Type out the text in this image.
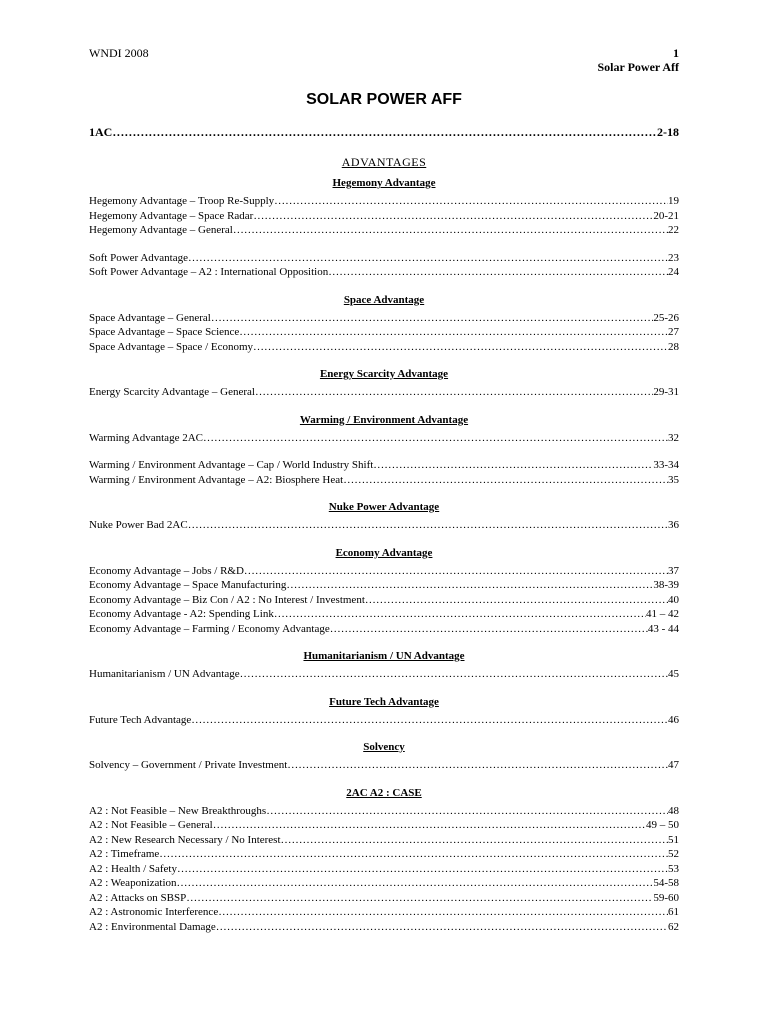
WNDI 2008	1
Solar Power Aff
SOLAR POWER AFF
1AC ………………………………………………………………………………………………………………………………………………………………………………………………………………………………	2-18
ADVANTAGES
Hegemony Advantage
Hegemony Advantage – Troop Re-Supply ………………………………………………………………………………………………………………………………………………………………………………………………………………………………	19
Hegemony Advantage – Space Radar ………………………………………………………………………………………………………………………………………………………………………………………………………………………………	20-21
Hegemony Advantage – General ………………………………………………………………………………………………………………………………………………………………………………………………………………………………	22
Soft Power Advantage ………………………………………………………………………………………………………………………………………………………………………………………………………………………………	23
Soft Power Advantage – A2 : International Opposition ………………………………………………………………………………………………………………………………………………………………………………………………………………………………	24
Space Advantage
Space Advantage – General ………………………………………………………………………………………………………………………………………………………………………………………………………………………………	25-26
Space Advantage – Space Science ………………………………………………………………………………………………………………………………………………………………………………………………………………………………	27
Space Advantage – Space / Economy ………………………………………………………………………………………………………………………………………………………………………………………………………………………………	28
Energy Scarcity Advantage
Energy Scarcity Advantage – General ………………………………………………………………………………………………………………………………………………………………………………………………………………………………	29-31
Warming / Environment Advantage
Warming Advantage 2AC ………………………………………………………………………………………………………………………………………………………………………………………………………………………………	32
Warming / Environment Advantage – Cap / World Industry Shift ………………………………………………………………………………………………………………………………………………………………………………………………………………………………	33-34
Warming / Environment Advantage – A2: Biosphere Heat ………………………………………………………………………………………………………………………………………………………………………………………………………………………………	35
Nuke Power Advantage
Nuke Power Bad 2AC ………………………………………………………………………………………………………………………………………………………………………………………………………………………………	36
Economy Advantage
Economy Advantage – Jobs / R&D ………………………………………………………………………………………………………………………………………………………………………………………………………………………………	37
Economy Advantage – Space Manufacturing ………………………………………………………………………………………………………………………………………………………………………………………………………………………………	38-39
Economy Advantage – Biz Con / A2 : No Interest / Investment ………………………………………………………………………………………………………………………………………………………………………………………………………………………………	40
Economy Advantage - A2: Spending Link ………………………………………………………………………………………………………………………………………………………………………………………………………………………………	41 – 42
Economy Advantage – Farming / Economy Advantage ………………………………………………………………………………………………………………………………………………………………………………………………………………………………	43 - 44
Humanitarianism / UN Advantage
Humanitarianism / UN Advantage ………………………………………………………………………………………………………………………………………………………………………………………………………………………………	45
Future Tech Advantage
Future Tech Advantage ………………………………………………………………………………………………………………………………………………………………………………………………………………………………	46
Solvency
Solvency – Government / Private Investment ………………………………………………………………………………………………………………………………………………………………………………………………………………………………	47
2AC A2 : CASE
A2 : Not Feasible – New Breakthroughs ………………………………………………………………………………………………………………………………………………………………………………………………………………………………	48
A2 : Not Feasible – General ………………………………………………………………………………………………………………………………………………………………………………………………………………………………	49 – 50
A2 : New Research Necessary / No Interest ………………………………………………………………………………………………………………………………………………………………………………………………………………………………	51
A2 : Timeframe ………………………………………………………………………………………………………………………………………………………………………………………………………………………………	52
A2 : Health / Safety ………………………………………………………………………………………………………………………………………………………………………………………………………………………………	53
A2 : Weaponization ………………………………………………………………………………………………………………………………………………………………………………………………………………………………	54-58
A2 : Attacks on SBSP ………………………………………………………………………………………………………………………………………………………………………………………………………………………………	59-60
A2 : Astronomic Interference ………………………………………………………………………………………………………………………………………………………………………………………………………………………………	61
A2 : Environmental Damage ………………………………………………………………………………………………………………………………………………………………………………………………………………………………	62
